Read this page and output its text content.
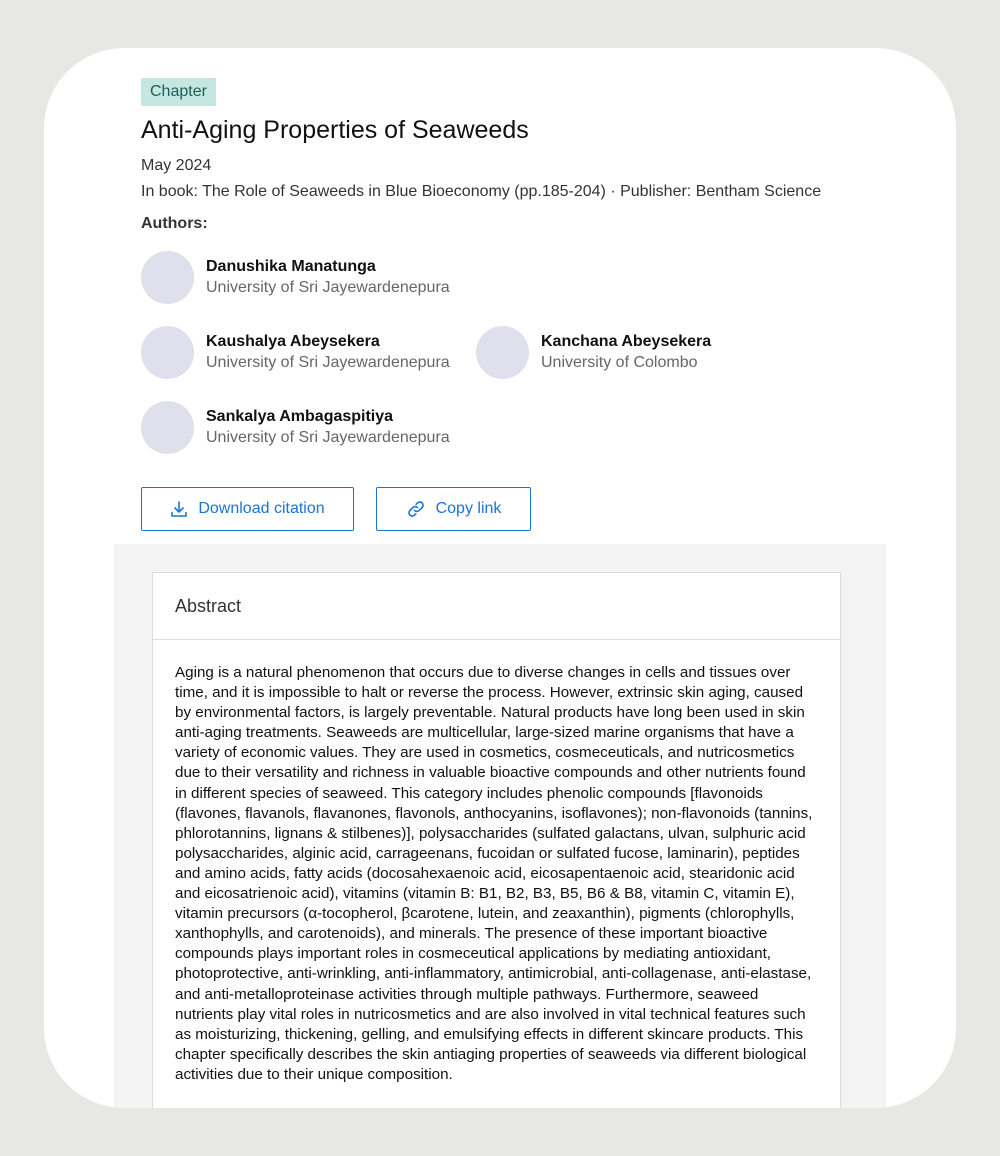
Chapter
Anti-Aging Properties of Seaweeds
May 2024
In book: The Role of Seaweeds in Blue Bioeconomy (pp.185-204) · Publisher: Bentham Science
Authors:
Danushika Manatunga
University of Sri Jayewardenepura
Kaushalya Abeysekera
University of Sri Jayewardenepura
Kanchana Abeysekera
University of Colombo
Sankalya Ambagaspitiya
University of Sri Jayewardenepura
Download citation	Copy link
Abstract

Aging is a natural phenomenon that occurs due to diverse changes in cells and tissues over time, and it is impossible to halt or reverse the process. However, extrinsic skin aging, caused by environmental factors, is largely preventable. Natural products have long been used in skin anti-aging treatments. Seaweeds are multicellular, large-sized marine organisms that have a variety of economic values. They are used in cosmetics, cosmeceuticals, and nutricosmetics due to their versatility and richness in valuable bioactive compounds and other nutrients found in different species of seaweed. This category includes phenolic compounds [flavonoids (flavones, flavanols, flavanones, flavonols, anthocyanins, isoflavones); non-flavonoids (tannins, phlorotannins, lignans & stilbenes)], polysaccharides (sulfated galactans, ulvan, sulphuric acid polysaccharides, alginic acid, carrageenans, fucoidan or sulfated fucose, laminarin), peptides and amino acids, fatty acids (docosahexaenoic acid, eicosapentaenoic acid, stearidonic acid and eicosatrienoic acid), vitamins (vitamin B: B1, B2, B3, B5, B6 & B8, vitamin C, vitamin E), vitamin precursors (α-tocopherol, βcarotene, lutein, and zeaxanthin), pigments (chlorophylls, xanthophylls, and carotenoids), and minerals. The presence of these important bioactive compounds plays important roles in cosmeceutical applications by mediating antioxidant, photoprotective, anti-wrinkling, anti-inflammatory, antimicrobial, anti-collagenase, anti-elastase, and anti-metalloproteinase activities through multiple pathways. Furthermore, seaweed nutrients play vital roles in nutricosmetics and are also involved in vital technical features such as moisturizing, thickening, gelling, and emulsifying effects in different skincare products. This chapter specifically describes the skin antiaging properties of seaweeds via different biological activities due to their unique composition.
